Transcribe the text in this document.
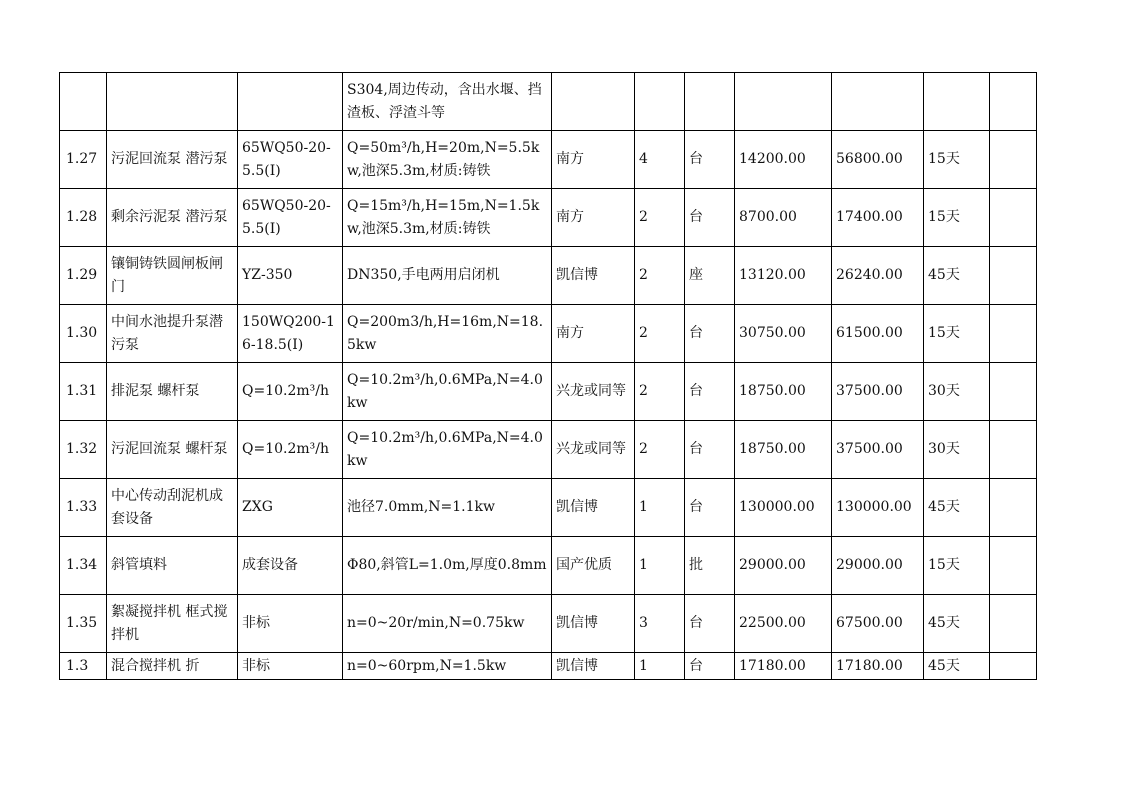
			S304,周边传动，含出水堰、挡渣板、浮渣斗等							

1.27	污泥回流泵 潜污泵	65WQ50-20-5.5(I)	Q=50m³/h,H=20m,N=5.5kw,池深5.3m,材质:铸铁	南方	4	台	14200.00	56800.00	15天	

1.28	剩余污泥泵 潜污泵	65WQ50-20-5.5(I)	Q=15m³/h,H=15m,N=1.5kw,池深5.3m,材质:铸铁	南方	2	台	8700.00	17400.00	15天	

1.29	镶铜铸铁圆闸板闸门	YZ-350	DN350,手电两用启闭机	凯信博	2	座	13120.00	26240.00	45天	

1.30	中间水池提升泵潜污泵	150WQ200-16-18.5(I)	Q=200m3/h,H=16m,N=18.5kw	南方	2	台	30750.00	61500.00	15天	

1.31	排泥泵 螺杆泵	Q=10.2m³/h	Q=10.2m³/h,0.6MPa,N=4.0kw	兴龙或同等	2	台	18750.00	37500.00	30天	

1.32	污泥回流泵 螺杆泵	Q=10.2m³/h	Q=10.2m³/h,0.6MPa,N=4.0kw	兴龙或同等	2	台	18750.00	37500.00	30天	

1.33	中心传动刮泥机成套设备	ZXG	池径7.0mm,N=1.1kw	凯信博	1	台	130000.00	130000.00	45天	

1.34	斜管填料	成套设备	Φ80,斜管L=1.0m,厚度0.8mm	国产优质	1	批	29000.00	29000.00	15天	

1.35	絮凝搅拌机 框式搅拌机	非标	n=0~20r/min,N=0.75kw	凯信博	3	台	22500.00	67500.00	45天	

1.3	混合搅拌机 折	非标	n=0~60rpm,N=1.5kw	凯信博	1	台	17180.00	17180.00	45天	
